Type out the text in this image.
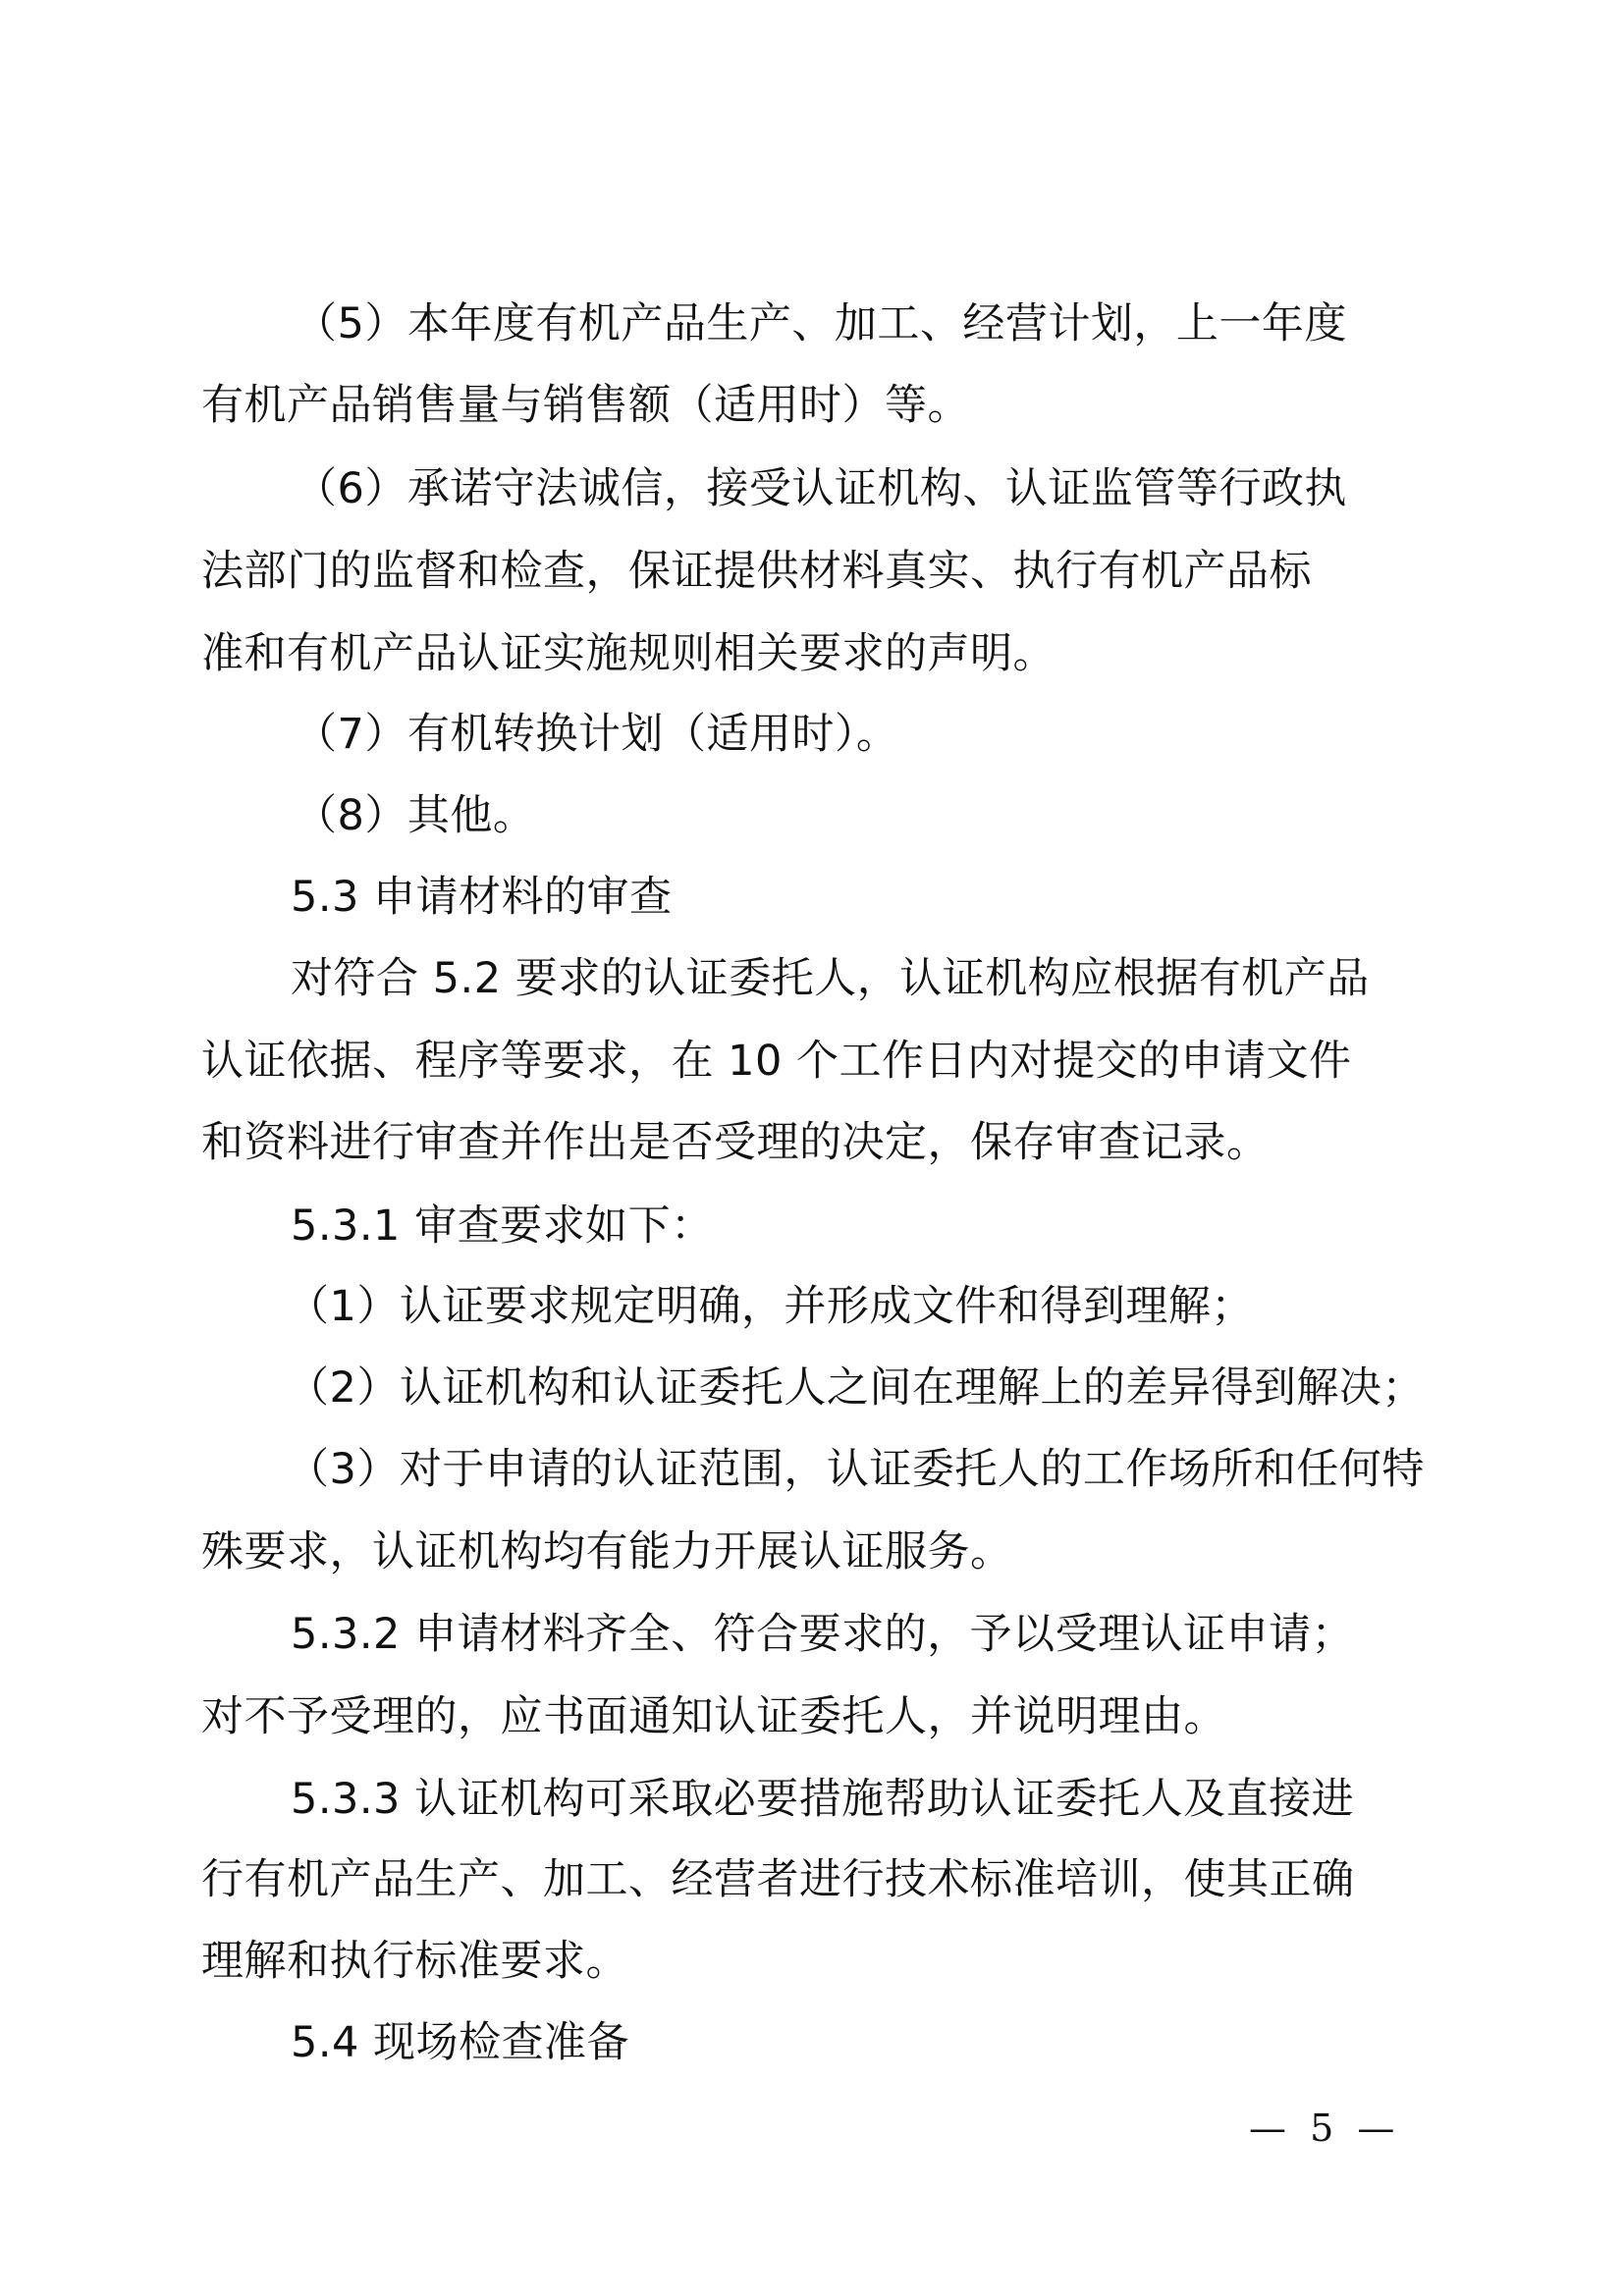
（5）本年度有机产品生产、加工、经营计划，上一年度
有机产品销售量与销售额（适用时）等。
（6）承诺守法诚信，接受认证机构、认证监管等行政执
法部门的监督和检查，保证提供材料真实、执行有机产品标
准和有机产品认证实施规则相关要求的声明。
（7）有机转换计划（适用时）。
（8）其他。
5.3 申请材料的审查
对符合 5.2 要求的认证委托人，认证机构应根据有机产品
认证依据、程序等要求，在 10 个工作日内对提交的申请文件
和资料进行审查并作出是否受理的决定，保存审查记录。
5.3.1 审查要求如下：
（1）认证要求规定明确，并形成文件和得到理解；
（2）认证机构和认证委托人之间在理解上的差异得到解决；
（3）对于申请的认证范围，认证委托人的工作场所和任何特
殊要求，认证机构均有能力开展认证服务。
5.3.2 申请材料齐全、符合要求的，予以受理认证申请；
对不予受理的，应书面通知认证委托人，并说明理由。
5.3.3 认证机构可采取必要措施帮助认证委托人及直接进
行有机产品生产、加工、经营者进行技术标准培训，使其正确
理解和执行标准要求。
5.4 现场检查准备
— 5 —
